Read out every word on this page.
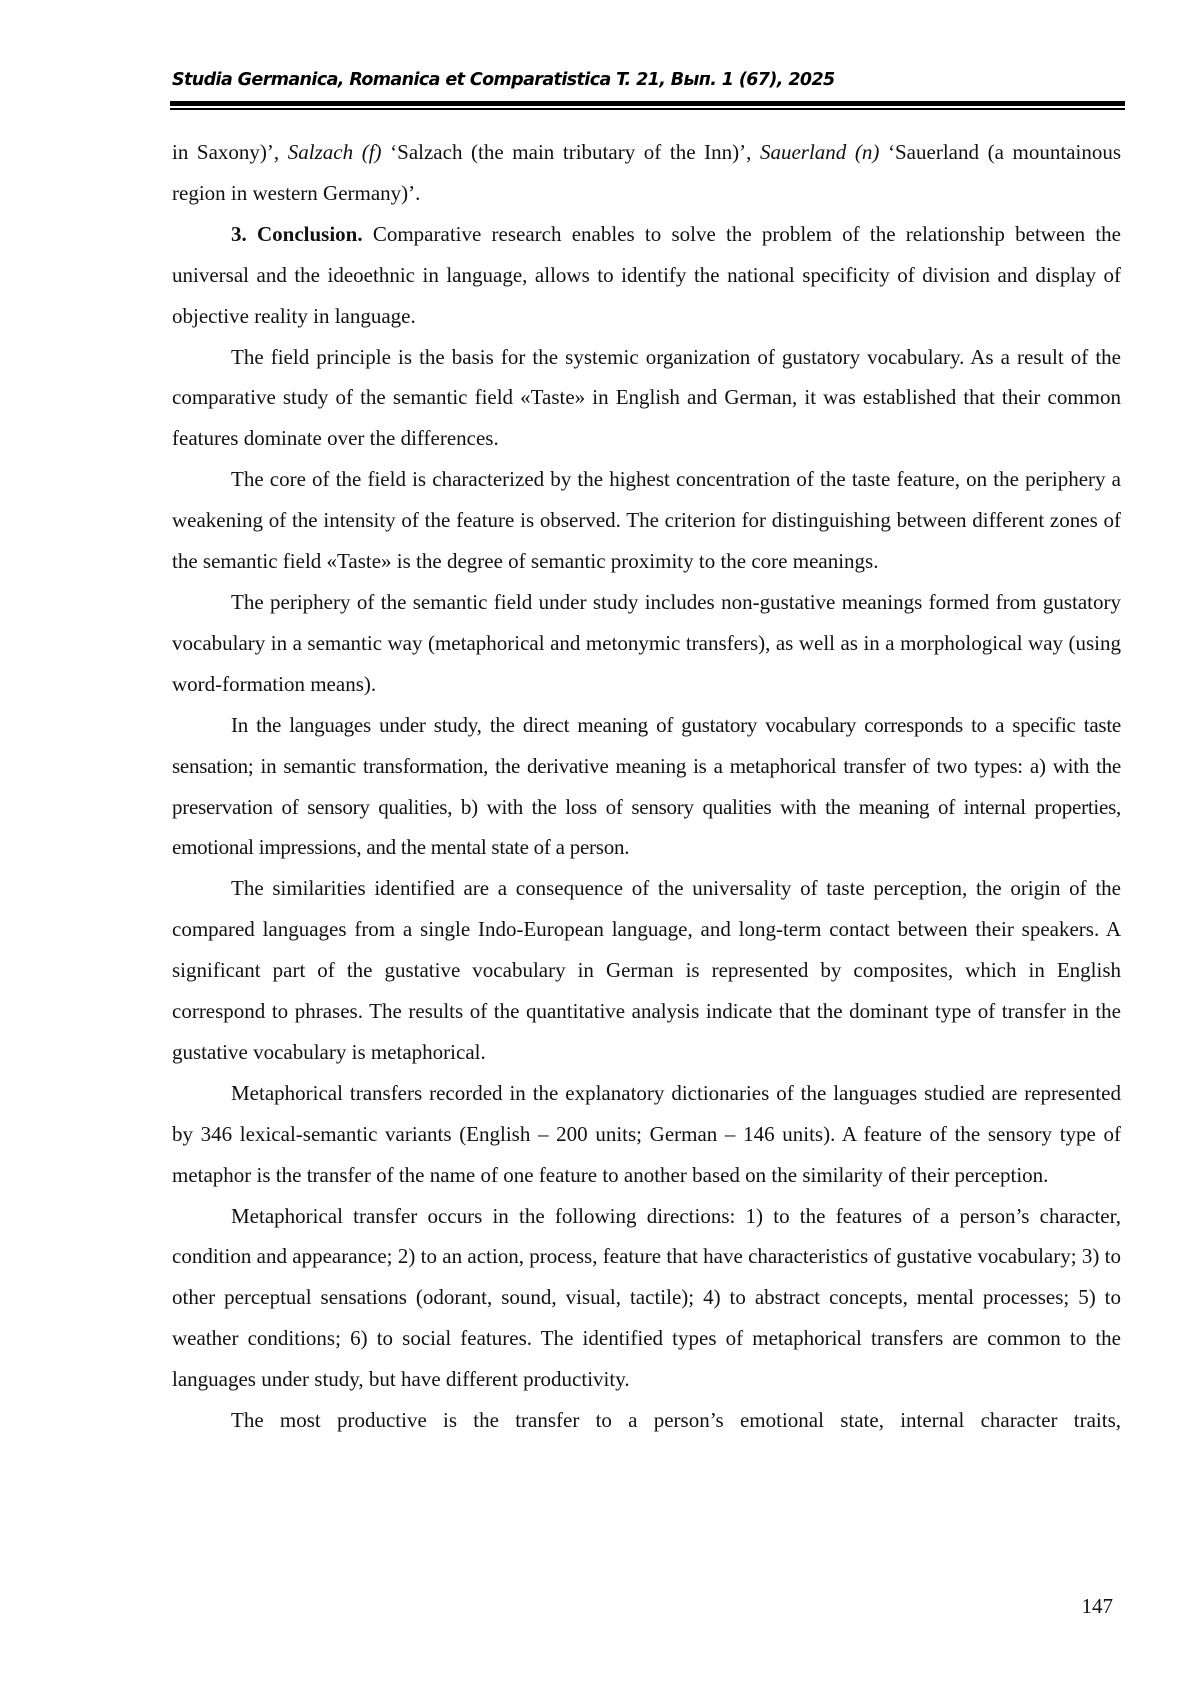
Studia Germanica, Romanica et Comparatistica T. 21, Вып. 1 (67), 2025

in Saxony)’, Salzach (f) ‘Salzach (the main tributary of the Inn)’, Sauerland (n) ‘Sauerland (a mountainous region in western Germany)’.

3. Conclusion. Comparative research enables to solve the problem of the relationship between the universal and the ideoethnic in language, allows to identify the national specificity of division and display of objective reality in language.

The field principle is the basis for the systemic organization of gustatory vocabulary. As a result of the comparative study of the semantic field «Taste» in English and German, it was established that their common features dominate over the differences.

The core of the field is characterized by the highest concentration of the taste feature, on the periphery a weakening of the intensity of the feature is observed. The criterion for distinguishing between different zones of the semantic field «Taste» is the degree of semantic proximity to the core meanings.

The periphery of the semantic field under study includes non-gustative meanings formed from gustatory vocabulary in a semantic way (metaphorical and metonymic transfers), as well as in a morphological way (using word-formation means).

In the languages under study, the direct meaning of gustatory vocabulary corresponds to a specific taste sensation; in semantic transformation, the derivative meaning is a metaphorical transfer of two types: a) with the preservation of sensory qualities, b) with the loss of sensory qualities with the meaning of internal properties, emotional impressions, and the mental state of a person.

The similarities identified are a consequence of the universality of taste perception, the origin of the compared languages from a single Indo-European language, and long-term contact between their speakers. A significant part of the gustative vocabulary in German is represented by composites, which in English correspond to phrases. The results of the quantitative analysis indicate that the dominant type of transfer in the gustative vocabulary is metaphorical.

Metaphorical transfers recorded in the explanatory dictionaries of the languages studied are represented by 346 lexical-semantic variants (English – 200 units; German – 146 units). A feature of the sensory type of metaphor is the transfer of the name of one feature to another based on the similarity of their perception.

Metaphorical transfer occurs in the following directions: 1) to the features of a person’s character, condition and appearance; 2) to an action, process, feature that have characteristics of gustative vocabulary; 3) to other perceptual sensations (odorant, sound, visual, tactile); 4) to abstract concepts, mental processes; 5) to weather conditions; 6) to social features. The identified types of metaphorical transfers are common to the languages under study, but have different productivity.

The most productive is the transfer to a person’s emotional state, internal character traits,

147
